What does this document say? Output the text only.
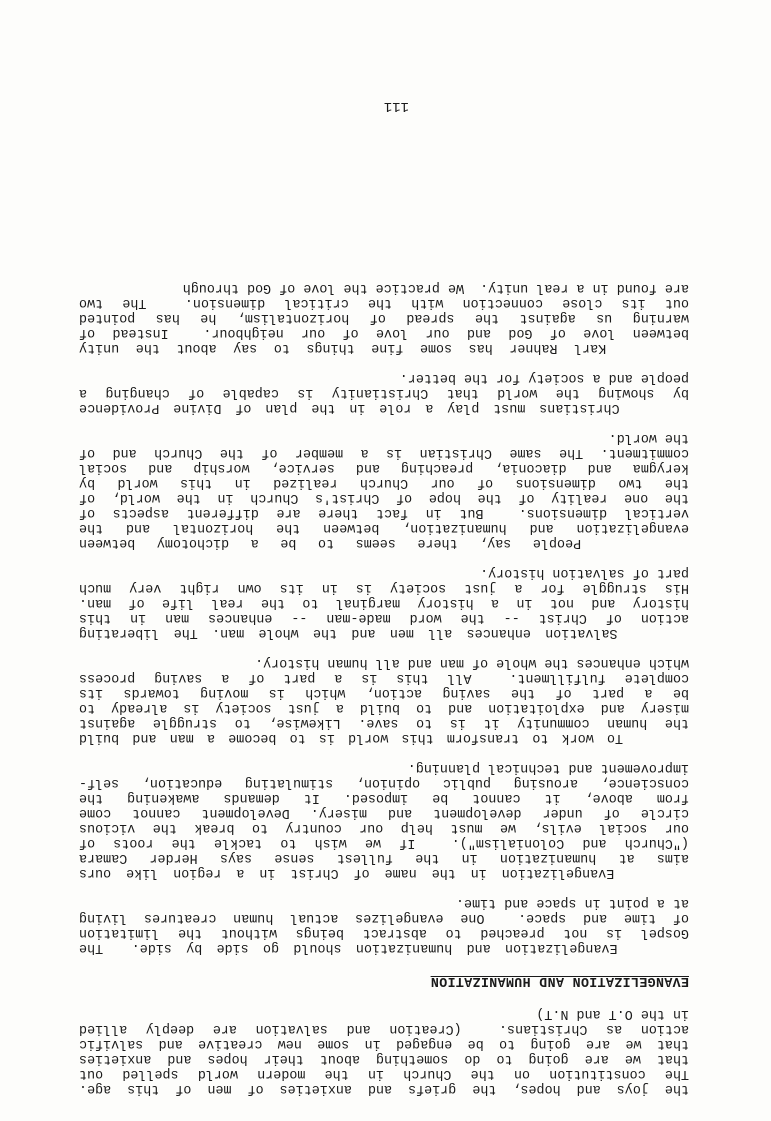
the joys and hopes, the griefs and anxieties of men of this age.
The constitution on the Church in the modern world spelled out
that we are going to do something about their hopes and anxieties
that we are going to be engaged in some new creative and salvific
action as Christians.  (Creation and salvation are deeply allied
in the O.T and N.T)
EVANGELIZATION AND HUMANIZATION
Evangelization and humanization should go side by side.  The
Gospel is not preached to abstract beings without the limitation
of time and space.  One evangelizes actual human creatures living
at a point in space and time.
Evangelization in the name of Christ in a region like ours
aims at humanization in the fullest sense says Herder Camara
("Church and Colonialism").  If we wish to tackle the roots of
our social evils, we must help our country to break the vicious
circle of under development and misery. Development cannot come
from above, it cannot be imposed. It demands awakening the
conscience, arousing public opinion, stimulating education, self-
improvement and technical planning.
To work to transform this world is to become a man and build
the human community it is to save. Likewise, to struggle against
misery and exploitation and to build a just society is already to
be a part of the saving action, which is moving towards its
complete fulfillment.  All this is a part of a saving process
which enhances the whole of man and all human history.
Salvation enhances all men and the whole man. The liberating
action of Christ -- the word made-man -- enhances man in this
history and not in a history marginal to the real life of man.
His struggle for a just society is in its own right very much
part of salvation history.
People say, there seems to be a dichotomy between
evangelization and humanization, between the horizontal and the
vertical dimensions.  But in fact there are different aspects of
the one reality of the hope of Christ's Church in the world, of
the two dimensions of our Church realized in this world by
kerygma and diaconia, preaching and service, worship and social
commitment. The same Christian is a member of the Church and of
the world.
Christians must play a role in the plan of Divine Providence
by showing the world that Christianity is capable of changing a
people and a society for the better.
Karl Rahner has some fine things to say about the unity
between love of God and our love of our neighbour.  Instead of
warning us against the spread of horizontalism, he has pointed
out its close connection with the critical dimension.  The two
are found in a real unity.  We practice the love of God through
111
